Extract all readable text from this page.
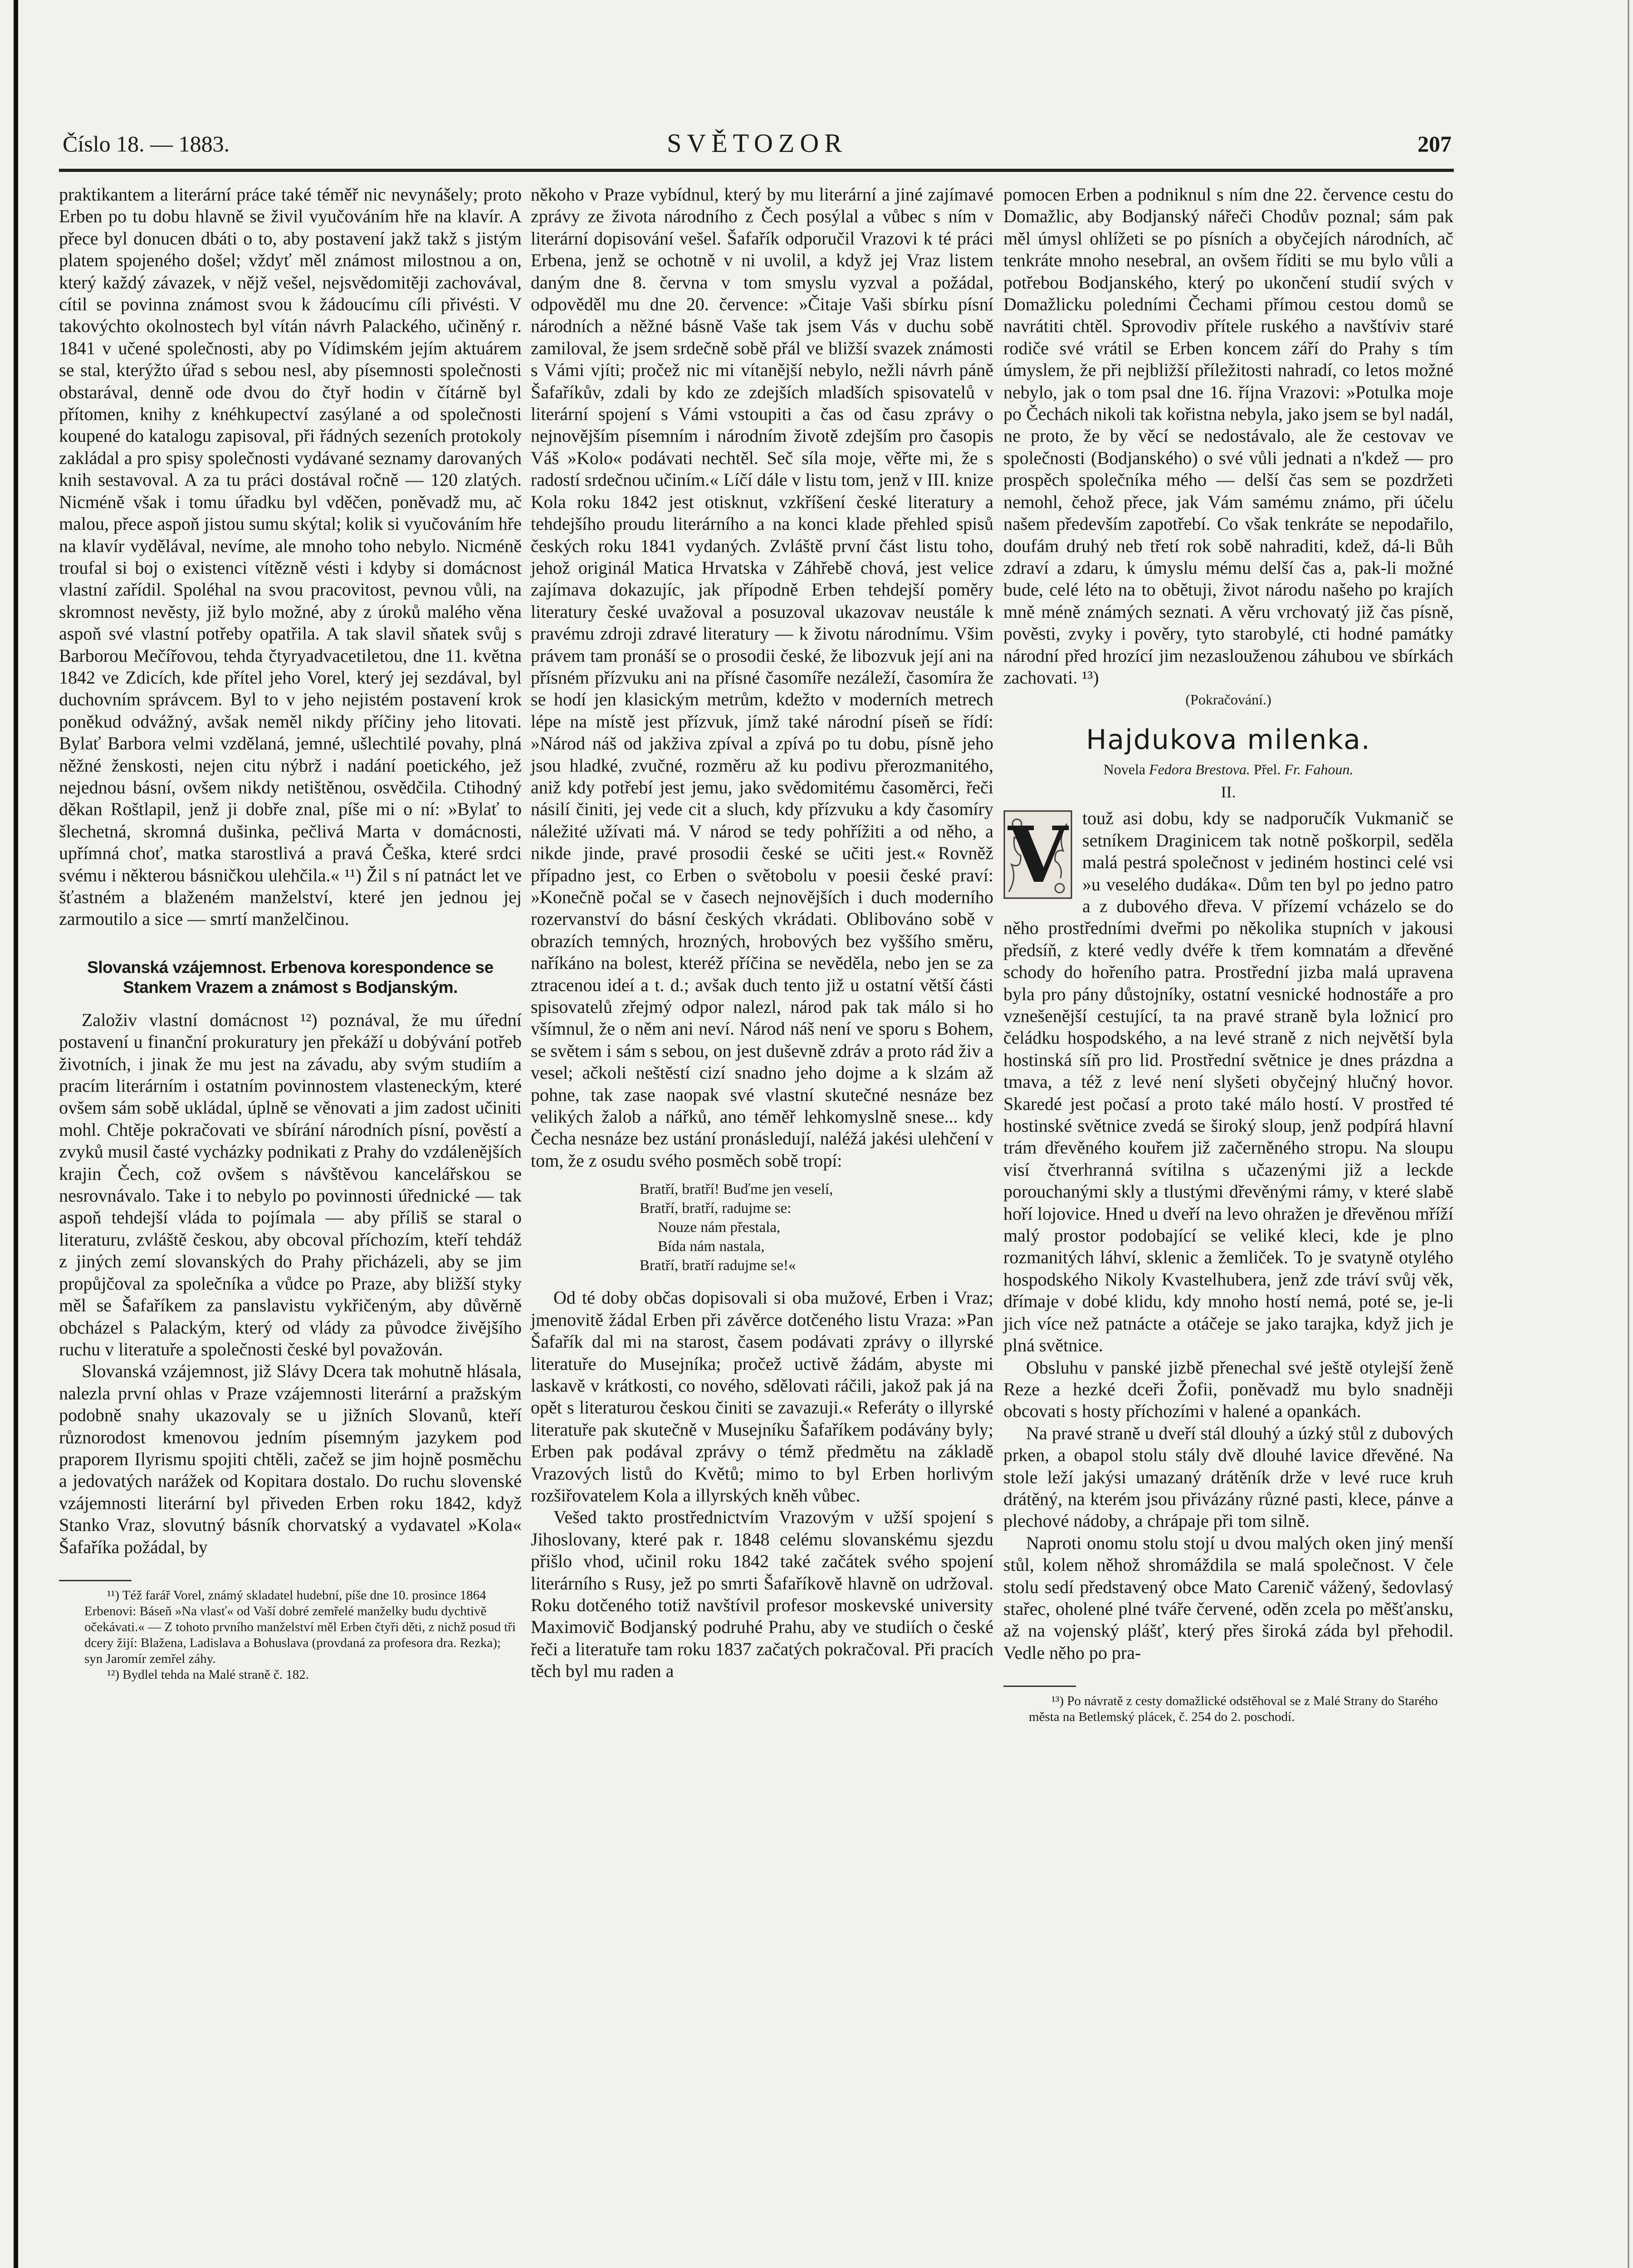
Číslo 18. — 1883.	SVĚTOZOR	207

praktikantem a literární práce také téměř nic nevynášely; proto Erben po tu dobu hlavně se živil vyučováním hře na klavír. A přece byl donucen dbáti o to, aby postavení jakž takž s jistým platem spojeného došel; vždyť měl známost milostnou a on, který každý závazek, v nějž vešel, nejsvědomitěji zachovával, cítil se povinna známost svou k žádoucímu cíli přivésti. V takovýchto okolnostech byl vítán návrh Palackého, učiněný r. 1841 v učené společnosti, aby po Vídimském jejím aktuárem se stal, kterýžto úřad s sebou nesl, aby písemnosti společnosti obstarával, denně ode dvou do čtyř hodin v čítárně byl přítomen, knihy z knéhkupectví zasýlané a od společnosti koupené do katalogu zapisoval, při řádných sezeních protokoly zakládal a pro spisy společnosti vydávané seznamy darovaných knih sestavoval. A za tu práci dostával ročně — 120 zlatých. Nicméně však i tomu úřadku byl vděčen, poněvadž mu, ač malou, přece aspoň jistou sumu skýtal; kolik si vyučováním hře na klavír vydělával, nevíme, ale mnoho toho nebylo. Nicméně troufal si boj o existenci vítězně vésti i kdyby si domácnost vlastní zařídil. Spoléhal na svou pracovitost, pevnou vůli, na skromnost nevěsty, již bylo možné, aby z úroků malého věna aspoň své vlastní potřeby opatřila. A tak slavil sňatek svůj s Barborou Mečířovou, tehda čtyryadvacetiletou, dne 11. května 1842 ve Zdicích, kde přítel jeho Vorel, který jej sezdával, byl duchovním správcem. Byl to v jeho nejistém postavení krok poněkud odvážný, avšak neměl nikdy příčiny jeho litovati. Bylať Barbora velmi vzdělaná, jemné, ušlechtilé povahy, plná něžné ženskosti, nejen citu nýbrž i nadání poetického, jež nejednou básní, ovšem nikdy netištěnou, osvědčila. Ctihodný děkan Roštlapil, jenž ji dobře znal, píše mi o ní: »Bylať to šlechetná, skromná dušinka, pečlivá Marta v domácnosti, upřímná choť, matka starostlivá a pravá Češka, které srdci svému i některou básničkou ulehčila.« ¹¹) Žil s ní patnáct let ve šťastném a blaženém manželství, které jen jednou jej zarmoutilo a sice — smrtí manželčinou.

Slovanská vzájemnost. Erbenova korespondence se Stankem Vrazem a známost s Bodjanským.

Založiv vlastní domácnost ¹²) poznával, že mu úřední postavení u finanční prokuratury jen překáží u dobývání potřeb životních, i jinak že mu jest na závadu, aby svým studiím a pracím literárním i ostatním povinnostem vlasteneckým, které ovšem sám sobě ukládal, úplně se věnovati a jim zadost učiniti mohl. Chtěje pokračovati ve sbírání národních písní, pověstí a zvyků musil časté vycházky podnikati z Prahy do vzdálenějších krajin Čech, což ovšem s návštěvou kancelářskou se nesrovnávalo. Take i to nebylo po povinnosti úřednické — tak aspoň tehdejší vláda to pojímala — aby příliš se staral o literaturu, zvláště českou, aby obcoval příchozím, kteří tehdáž z jiných zemí slovanských do Prahy přicházeli, aby se jim propůjčoval za společníka a vůdce po Praze, aby bližší styky měl se Šafaříkem za panslavistu vykřičeným, aby důvěrně obcházel s Palackým, který od vlády za původce živějšího ruchu v literatuře a společnosti české byl považován.

Slovanská vzájemnost, již Slávy Dcera tak mohutně hlásala, nalezla první ohlas v Praze vzájemnosti literární a pražským podobně snahy ukazovaly se u jižních Slovanů, kteří různorodost kmenovou jedním písemným jazykem pod praporem Ilyrismu spojiti chtěli, začež se jim hojně posměchu a jedovatých narážek od Kopitara dostalo. Do ruchu slovenské vzájemnosti literární byl přiveden Erben roku 1842, když Stanko Vraz, slovutný básník chorvatský a vydavatel »Kola« Šafaříka požádal, by

¹¹) Též farář Vorel, známý skladatel hudební, píše dne 10. prosince 1864 Erbenovi: Báseň »Na vlasť« od Vaší dobré zemřelé manželky budu dychtivě očekávati.« — Z tohoto prvního manželství měl Erben čtyři děti, z nichž posud tři dcery žijí: Blažena, Ladislava a Bohuslava (provdaná za profesora dra. Rezka); syn Jaromír zemřel záhy.

¹²) Bydlel tehda na Malé straně č. 182.

někoho v Praze vybídnul, který by mu literární a jiné zajímavé zprávy ze života národního z Čech posýlal a vůbec s ním v literární dopisování vešel. Šafařík odporučil Vrazovi k té práci Erbena, jenž se ochotně v ni uvolil, a když jej Vraz listem daným dne 8. června v tom smyslu vyzval a požádal, odpověděl mu dne 20. července: »Čitaje Vaši sbírku písní národních a něžné básně Vaše tak jsem Vás v duchu sobě zamiloval, že jsem srdečně sobě přál ve bližší svazek známosti s Vámi vjíti; pročež nic mi vítanější nebylo, nežli návrh páně Šafaříkův, zdali by kdo ze zdejších mladších spisovatelů v literární spojení s Vámi vstoupiti a čas od času zprávy o nejnovějším písemním i národním životě zdejším pro časopis Váš »Kolo« podávati nechtěl. Seč síla moje, věřte mi, že s radostí srdečnou učiním.« Líčí dále v listu tom, jenž v III. knize Kola roku 1842 jest otisknut, vzkříšení české literatury a tehdejšího proudu literárního a na konci klade přehled spisů českých roku 1841 vydaných. Zvláště první část listu toho, jehož originál Matica Hrvatska v Záhřebě chová, jest velice zajímava dokazujíc, jak přípodně Erben tehdejší poměry literatury české uvažoval a posuzoval ukazovav neustále k pravému zdroji zdravé literatury — k životu národnímu. Všim právem tam pronáší se o prosodii české, že libozvuk její ani na přísném přízvuku ani na přísné časomíře nezáleží, časomíra že se hodí jen klasickým metrům, kdežto v moderních metrech lépe na místě jest přízvuk, jímž také národní píseň se řídí: »Národ náš od jakživa zpíval a zpívá po tu dobu, písně jeho jsou hladké, zvučné, rozměru až ku podivu přerozmanitého, aniž kdy potřebí jest jemu, jako svědomitému časoměrci, řeči násilí činiti, jej vede cit a sluch, kdy přízvuku a kdy časomíry náležité užívati má. V národ se tedy pohřížiti a od něho, a nikde jinde, pravé prosodii české se učiti jest.« Rovněž případno jest, co Erben o světobolu v poesii české praví: »Konečně počal se v časech nejnovějších i duch moderního rozervanství do básní českých vkrádati. Oblibováno sobě v obrazích temných, hrozných, hrobových bez vyššího směru, naříkáno na bolest, kteréž příčina se nevěděla, nebo jen se za ztracenou ideí a t. d.; avšak duch tento již u ostatní větší části spisovatelů zřejmý odpor nalezl, národ pak tak málo si ho všímnul, že o něm ani neví. Národ náš není ve sporu s Bohem, se světem i sám s sebou, on jest duševně zdráv a proto rád živ a vesel; ačkoli neštěstí cizí snadno jeho dojme a k slzám až pohne, tak zase naopak své vlastní skutečné nesnáze bez velikých žalob a nářků, ano téměř lehkomyslně snese... kdy Čecha nesnáze bez ustání pronásledují, naléžá jakési ulehčení v tom, že z osudu svého posměch sobě tropí:

Bratří, bratří! Buďme jen veselí,
Bratří, bratří, radujme se:
Nouze nám přestala,
Bída nám nastala,
Bratří, bratří radujme se!«

Od té doby občas dopisovali si oba mužové, Erben i Vraz; jmenovitě žádal Erben při závěrce dotčeného listu Vraza: »Pan Šafařík dal mi na starost, časem podávati zprávy o illyrské literatuře do Musejníka; pročež uctivě žádám, abyste mi laskavě v krátkosti, co nového, sdělovati ráčili, jakož pak já na opět s literaturou českou činiti se zavazuji.« Referáty o illyrské literatuře pak skutečně v Musejníku Šafaříkem podávány byly; Erben pak podával zprávy o témž předmětu na základě Vrazových listů do Květů; mimo to byl Erben horlivým rozšiřovatelem Kola a illyrských kněh vůbec.

Vešed takto prostřednictvím Vrazovým v užší spojení s Jihoslovany, které pak r. 1848 celému slovanskému sjezdu přišlo vhod, učinil roku 1842 také začátek svého spojení literárního s Rusy, jež po smrti Šafaříkově hlavně on udržoval. Roku dotčeného totiž navštívil profesor moskevské university Maximovič Bodjanský podruhé Prahu, aby ve studiích o české řeči a literatuře tam roku 1837 začatých pokračoval. Při pracích těch byl mu raden a

pomocen Erben a podniknul s ním dne 22. července cestu do Domažlic, aby Bodjanský nářeči Chodův poznal; sám pak měl úmysl ohlížeti se po písních a obyčejích národních, ač tenkráte mnoho nesebral, an ovšem říditi se mu bylo vůli a potřebou Bodjanského, který po ukončení studií svých v Domažlicku poledními Čechami přímou cestou domů se navrátiti chtěl. Sprovodiv přítele ruského a navštíviv staré rodiče své vrátil se Erben koncem září do Prahy s tím úmyslem, že při nejbližší příležitosti nahradí, co letos možné nebylo, jak o tom psal dne 16. října Vrazovi: »Potulka moje po Čechách nikoli tak kořistna nebyla, jako jsem se byl nadál, ne proto, že by věcí se nedostávalo, ale že cestovav ve společnosti (Bodjanského) o své vůli jednati a n'kdež — pro prospěch společníka mého — delší čas sem se pozdržeti nemohl, čehož přece, jak Vám samému známo, při účelu našem především zapotřebí. Co však tenkráte se nepodařilo, doufám druhý neb třetí rok sobě nahraditi, kdež, dá-li Bůh zdraví a zdaru, k úmyslu mému delší čas a, pak-li možné bude, celé léto na to obětuji, život národu našeho po krajích mně méně známých seznati. A věru vrchovatý již čas písně, pověsti, zvyky i pověry, tyto starobylé, cti hodné památky národní před hrozící jim nezaslouženou záhubou ve sbírkách zachovati. ¹³)

(Pokračování.)
Hajdukova milenka.
Novela Fedora Brestova. Přel. Fr. Fahoun.
II.

V touž asi dobu, kdy se nadporučík Vukmanič se setníkem Draginicem tak notně poškorpil, seděla malá pestrá společnost v jediném hostinci celé vsi »u veselého dudáka«. Dům ten byl po jedno patro a z dubového dřeva. V přízemí vcházelo se do něho prostředními dveřmi po několika stupních v jakousi předsíň, z které vedly dvéře k třem komnatám a dřevěné schody do hořeního patra. Prostřední jizba malá upravena byla pro pány důstojníky, ostatní vesnické hodnostáře a pro vznešenější cestující, ta na pravé straně byla ložnicí pro čeládku hospodského, a na levé straně z nich největší byla hostinská síň pro lid. Prostřední světnice je dnes prázdna a tmava, a též z levé není slyšeti obyčejný hlučný hovor. Skaredé jest počasí a proto také málo hostí. V prostřed té hostinské světnice zvedá se široký sloup, jenž podpírá hlavní trám dřevěného kouřem již začerněného stropu. Na sloupu visí čtverhranná svítilna s učazenými již a leckde porouchanými skly a tlustými dřevěnými rámy, v které slabě hoří lojovice. Hned u dveří na levo ohražen je dřevěnou mříží malý prostor podobající se veliké kleci, kde je plno rozmanitých láhví, sklenic a žemliček. To je svatyně otylého hospodského Nikoly Kvastelhubera, jenž zde tráví svůj věk, dřímaje v dobé klidu, kdy mnoho hostí nemá, poté se, je-li jich více než patnácte a otáčeje se jako tarajka, když jich je plná světnice.

Obsluhu v panské jizbě přenechal své ještě otylejší ženě Reze a hezké dceři Žofii, poněvadž mu bylo snadněji obcovati s hosty příchozími v halené a opankách.

Na pravé straně u dveří stál dlouhý a úzký stůl z dubových prken, a obapol stolu stály dvě dlouhé lavice dřevěné. Na stole leží jakýsi umazaný drátěník drže v levé ruce kruh drátěný, na kterém jsou přivázány různé pasti, klece, pánve a plechové nádoby, a chrápaje při tom silně.

Naproti onomu stolu stojí u dvou malých oken jiný menší stůl, kolem něhož shromáždila se malá společnost. V čele stolu sedí představený obce Mato Carenič vážený, šedovlasý stařec, oholené plné tváře červené, oděn zcela po měšťansku, až na vojenský plášť, který přes široká záda byl přehodil. Vedle něho po pra-

¹³) Po návratě z cesty domažlické odstěhoval se z Malé Strany do Starého města na Betlemský plácek, č. 254 do 2. poschodí.
